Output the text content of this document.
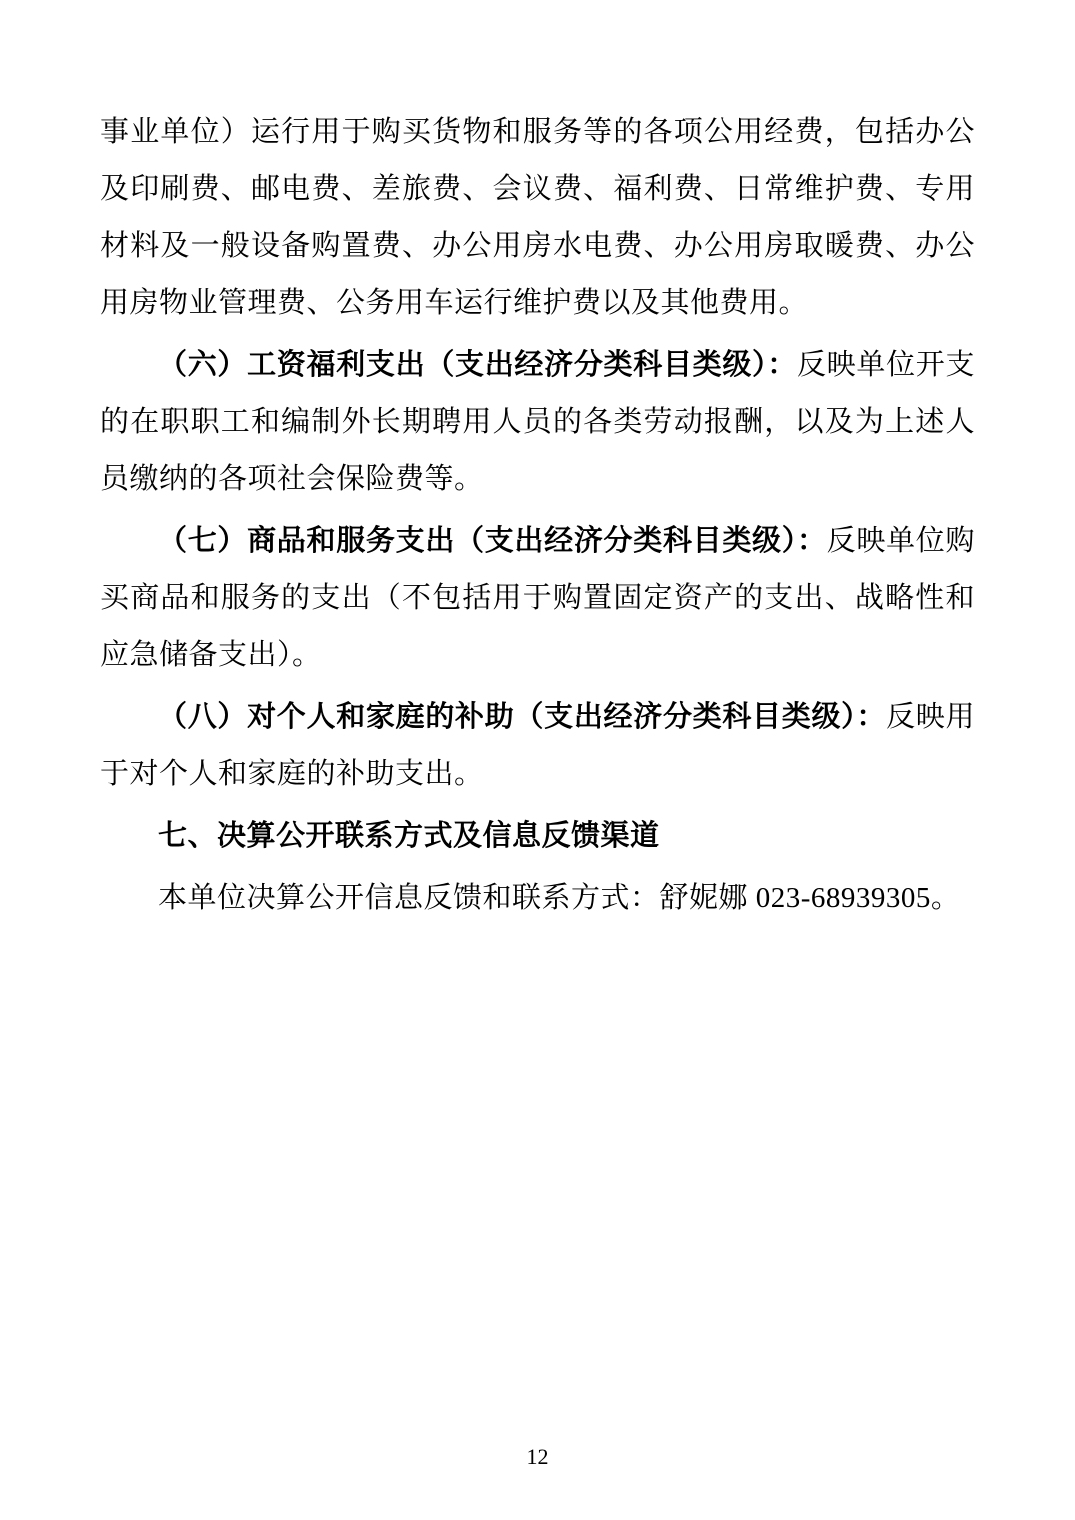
事业单位）运行用于购买货物和服务等的各项公用经费，包括办公及印刷费、邮电费、差旅费、会议费、福利费、日常维护费、专用材料及一般设备购置费、办公用房水电费、办公用房取暖费、办公用房物业管理费、公务用车运行维护费以及其他费用。

（六）工资福利支出（支出经济分类科目类级）：反映单位开支的在职职工和编制外长期聘用人员的各类劳动报酬，以及为上述人员缴纳的各项社会保险费等。

（七）商品和服务支出（支出经济分类科目类级）：反映单位购买商品和服务的支出（不包括用于购置固定资产的支出、战略性和应急储备支出）。

（八）对个人和家庭的补助（支出经济分类科目类级）：反映用于对个人和家庭的补助支出。

七、决算公开联系方式及信息反馈渠道

本单位决算公开信息反馈和联系方式：舒妮娜 023-68939305。

12
